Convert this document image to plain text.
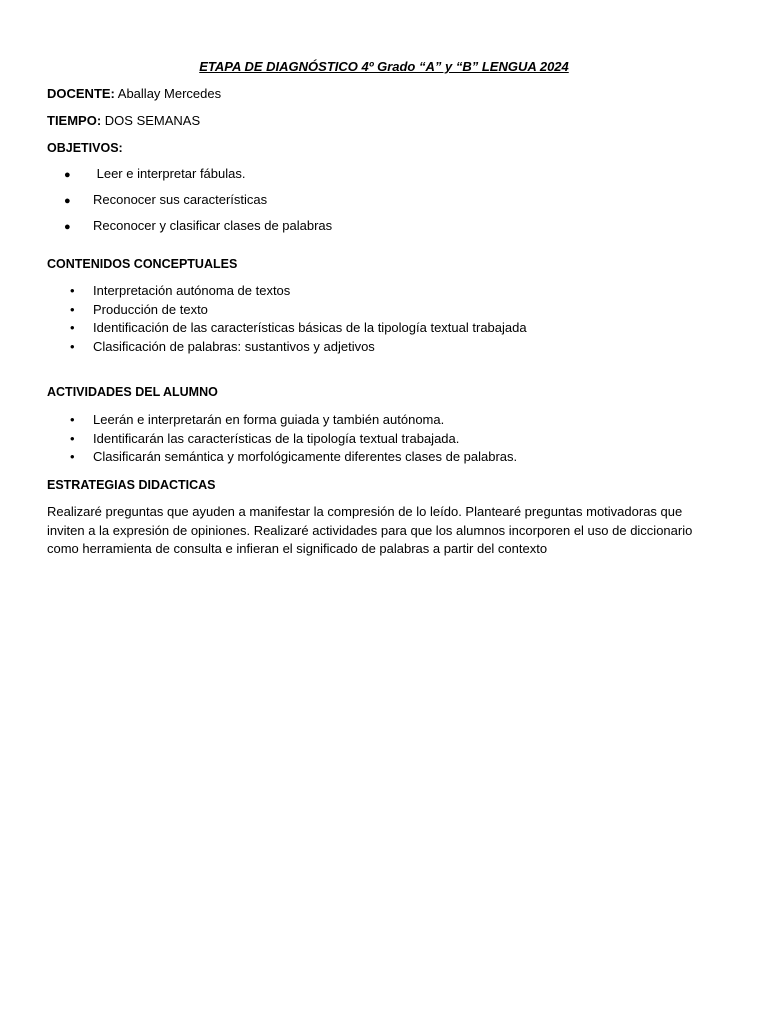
ETAPA DE DIAGNÓSTICO 4º Grado “A” y “B” LENGUA 2024
DOCENTE: Aballay Mercedes
TIEMPO: DOS SEMANAS
OBJETIVOS:
● Leer e interpretar fábulas.
● Reconocer sus características
● Reconocer y clasificar clases de palabras
CONTENIDOS CONCEPTUALES
• Interpretación autónoma de textos
• Producción de texto
• Identificación de las características básicas de la tipología textual trabajada
• Clasificación de palabras: sustantivos y adjetivos
ACTIVIDADES DEL ALUMNO
• Leerán e interpretarán en forma guiada y también autónoma.
• Identificarán las características de la tipología textual trabajada.
• Clasificarán semántica y morfológicamente diferentes clases de palabras.
ESTRATEGIAS DIDACTICAS
Realizaré preguntas que ayuden a manifestar la compresión de lo leído. Plantearé preguntas motivadoras que inviten a la expresión de opiniones. Realizaré actividades para que los alumnos incorporen el uso de diccionario como herramienta de consulta e infieran el significado de palabras a partir del contexto
